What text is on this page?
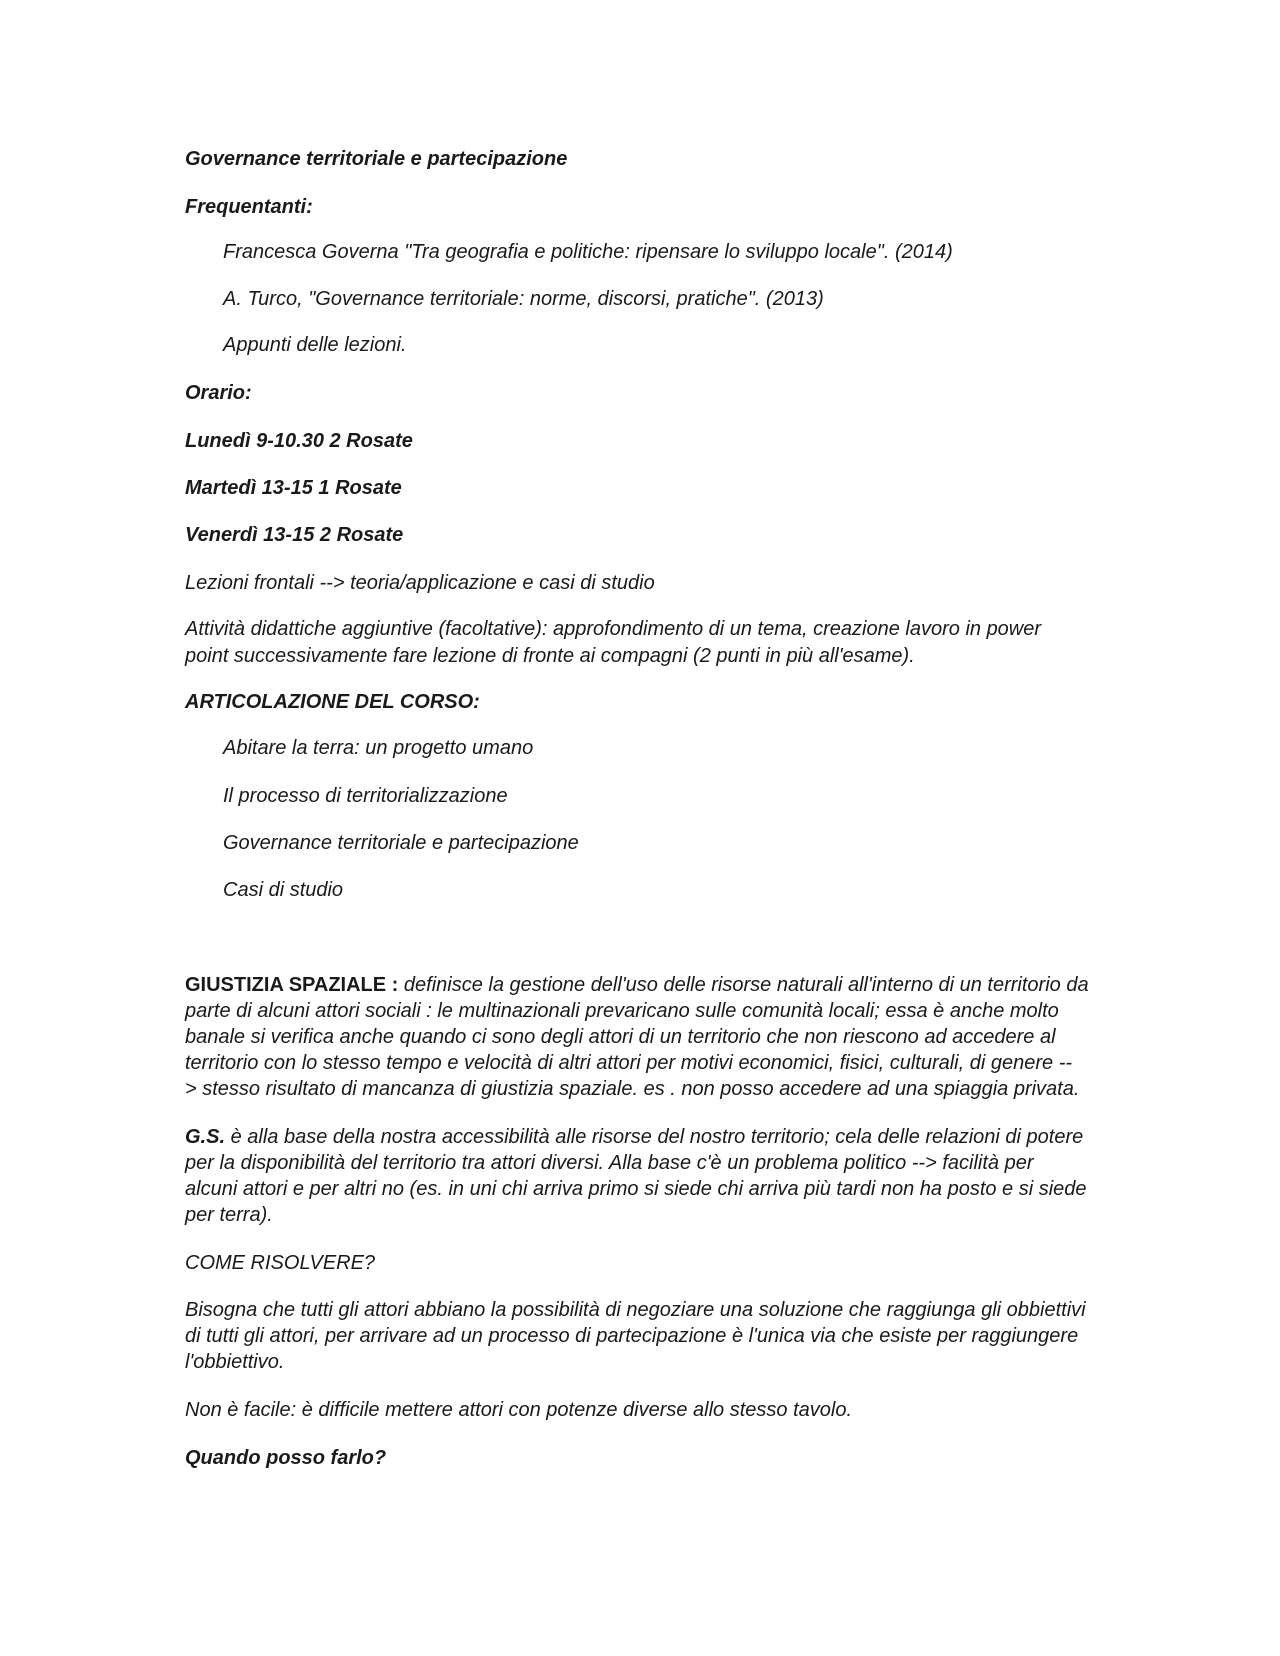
Governance territoriale e partecipazione
Frequentanti:
Francesca Governa "Tra geografia e politiche: ripensare lo sviluppo locale". (2014)
A. Turco, "Governance territoriale: norme, discorsi, pratiche". (2013)
Appunti delle lezioni.
Orario:
Lunedì 9-10.30 2 Rosate
Martedì 13-15 1 Rosate
Venerdì 13-15 2 Rosate
Lezioni frontali --> teoria/applicazione e casi di studio
Attività didattiche aggiuntive (facoltative): approfondimento di un tema, creazione lavoro in power
point successivamente fare lezione di fronte ai compagni (2 punti in più all'esame).
ARTICOLAZIONE DEL CORSO:
Abitare la terra: un progetto umano
Il processo di territorializzazione
Governance territoriale e partecipazione
Casi di studio
GIUSTIZIA SPAZIALE : definisce la gestione dell'uso delle risorse naturali all'interno di un territorio da
parte di alcuni attori sociali : le multinazionali prevaricano sulle comunità locali; essa è anche molto
banale si verifica anche quando ci sono degli attori di un territorio che non riescono ad accedere al
territorio con lo stesso tempo e velocità di altri attori per motivi economici, fisici, culturali, di genere --
> stesso risultato di mancanza di giustizia spaziale. es . non posso accedere ad una spiaggia privata.
G.S. è alla base della nostra accessibilità alle risorse del nostro territorio; cela delle relazioni di potere
per la disponibilità del territorio tra attori diversi. Alla base c'è un problema politico --> facilità per
alcuni attori e per altri no (es. in uni chi arriva primo si siede chi arriva più tardi non ha posto e si siede
per terra).
COME RISOLVERE?
Bisogna che tutti gli attori abbiano la possibilità di negoziare una soluzione che raggiunga gli obbiettivi
di tutti gli attori, per arrivare ad un processo di partecipazione è l'unica via che esiste per raggiungere
l'obbiettivo.
Non è facile: è difficile mettere attori con potenze diverse allo stesso tavolo.
Quando posso farlo?
